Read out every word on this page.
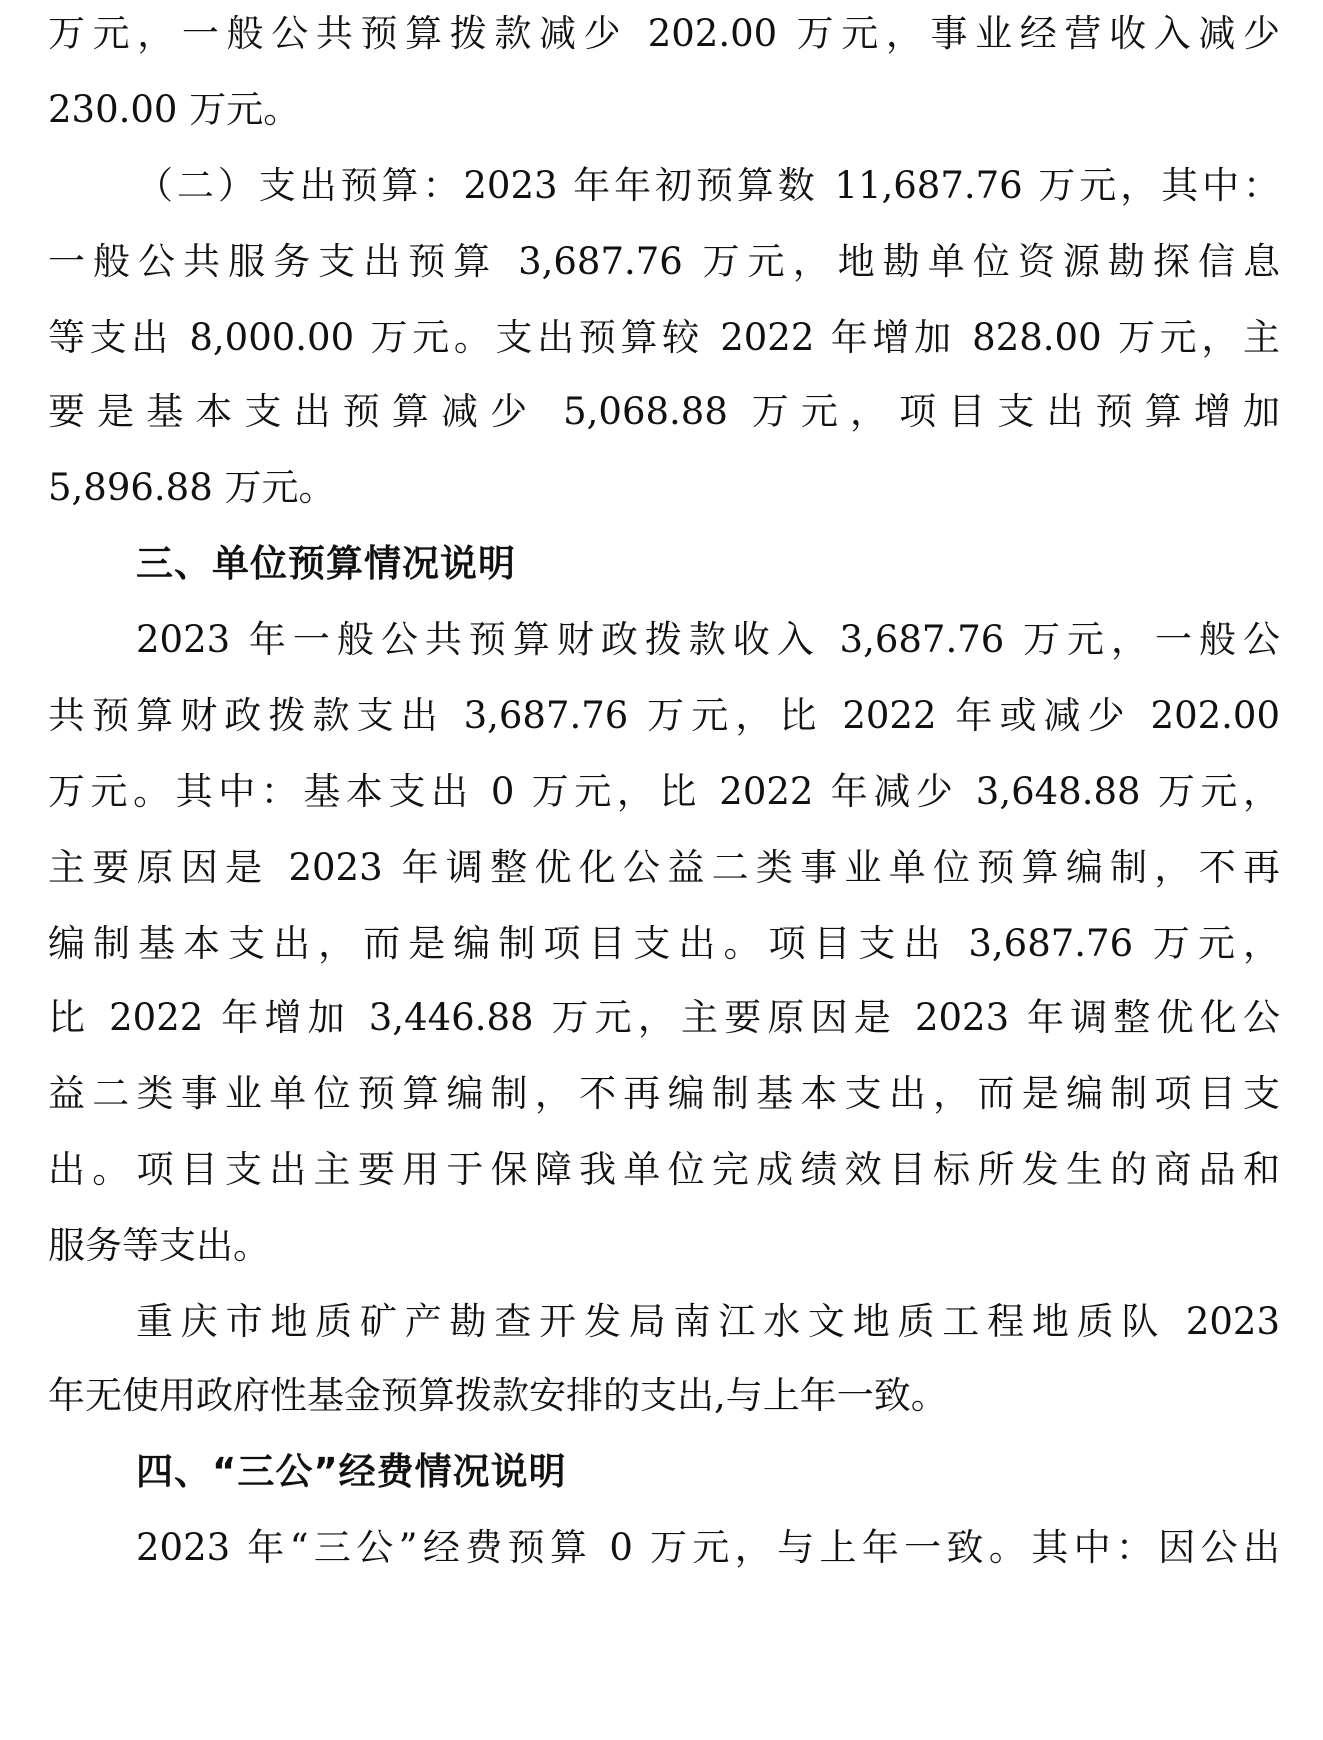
万元，一般公共预算拨款减少 202.00 万元，事业经营收入减少
230.00 万元。
（二）支出预算：2023 年年初预算数 11,687.76 万元，其中：
一般公共服务支出预算 3,687.76 万元，地勘单位资源勘探信息
等支出 8,000.00 万元。支出预算较 2022 年增加 828.00 万元，主
要是基本支出预算减少 5,068.88 万元，项目支出预算增加
5,896.88 万元。
三、单位预算情况说明
2023 年一般公共预算财政拨款收入 3,687.76 万元，一般公
共预算财政拨款支出 3,687.76 万元，比 2022 年或减少 202.00
万元。其中：基本支出 0 万元，比 2022 年减少 3,648.88 万元，
主要原因是 2023 年调整优化公益二类事业单位预算编制，不再
编制基本支出，而是编制项目支出。项目支出 3,687.76 万元，
比 2022 年增加 3,446.88 万元，主要原因是 2023 年调整优化公
益二类事业单位预算编制，不再编制基本支出，而是编制项目支
出。项目支出主要用于保障我单位完成绩效目标所发生的商品和
服务等支出。
重庆市地质矿产勘查开发局南江水文地质工程地质队 2023
年无使用政府性基金预算拨款安排的支出,与上年一致。
四、“三公”经费情况说明
2023 年“三公”经费预算 0 万元，与上年一致。其中：因公出
